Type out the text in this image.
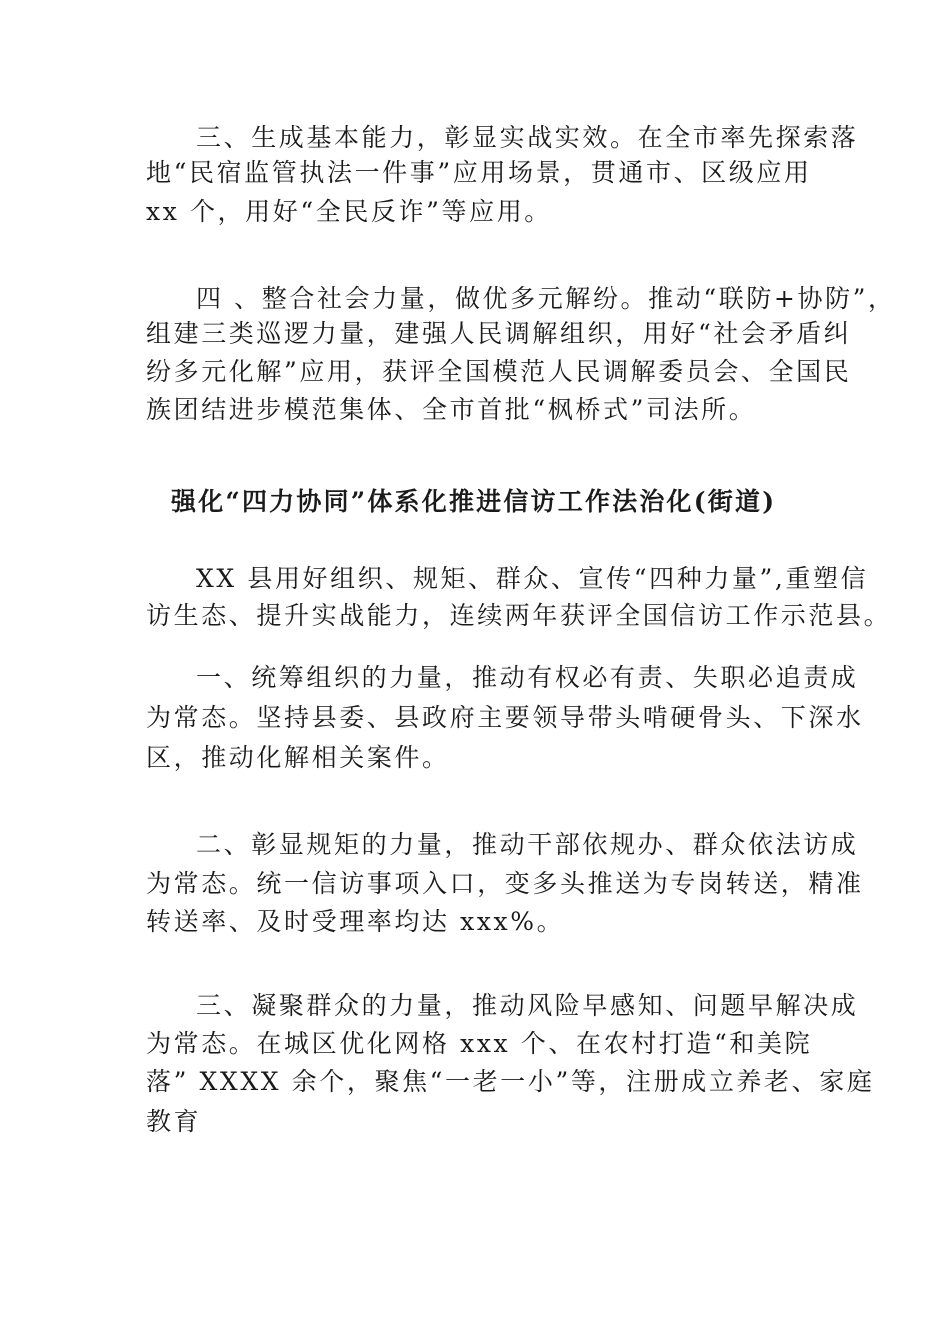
三、生成基本能力，彰显实战实效。在全市率先探索落
地“民宿监管执法一件事”应用场景，贯通市、区级应用
xx 个，用好“全民反诈”等应用。
四 、整合社会力量，做优多元解纷。推动“联防+协防”，
组建三类巡逻力量，建强人民调解组织，用好“社会矛盾纠
纷多元化解”应用，获评全国模范人民调解委员会、全国民
族团结进步模范集体、全市首批“枫桥式”司法所。
强化“四力协同”体系化推进信访工作法治化(街道)
XX 县用好组织、规矩、群众、宣传“四种力量”,重塑信
访生态、提升实战能力，连续两年获评全国信访工作示范县。
一、统筹组织的力量，推动有权必有责、失职必追责成
为常态。坚持县委、县政府主要领导带头啃硬骨头、下深水
区，推动化解相关案件。
二、彰显规矩的力量，推动干部依规办、群众依法访成
为常态。统一信访事项入口，变多头推送为专岗转送，精准
转送率、及时受理率均达 xxx%。
三、凝聚群众的力量，推动风险早感知、问题早解决成
为常态。在城区优化网格 xxx 个、在农村打造“和美院
落” XXXX 余个，聚焦“一老一小”等，注册成立养老、家庭
教育
